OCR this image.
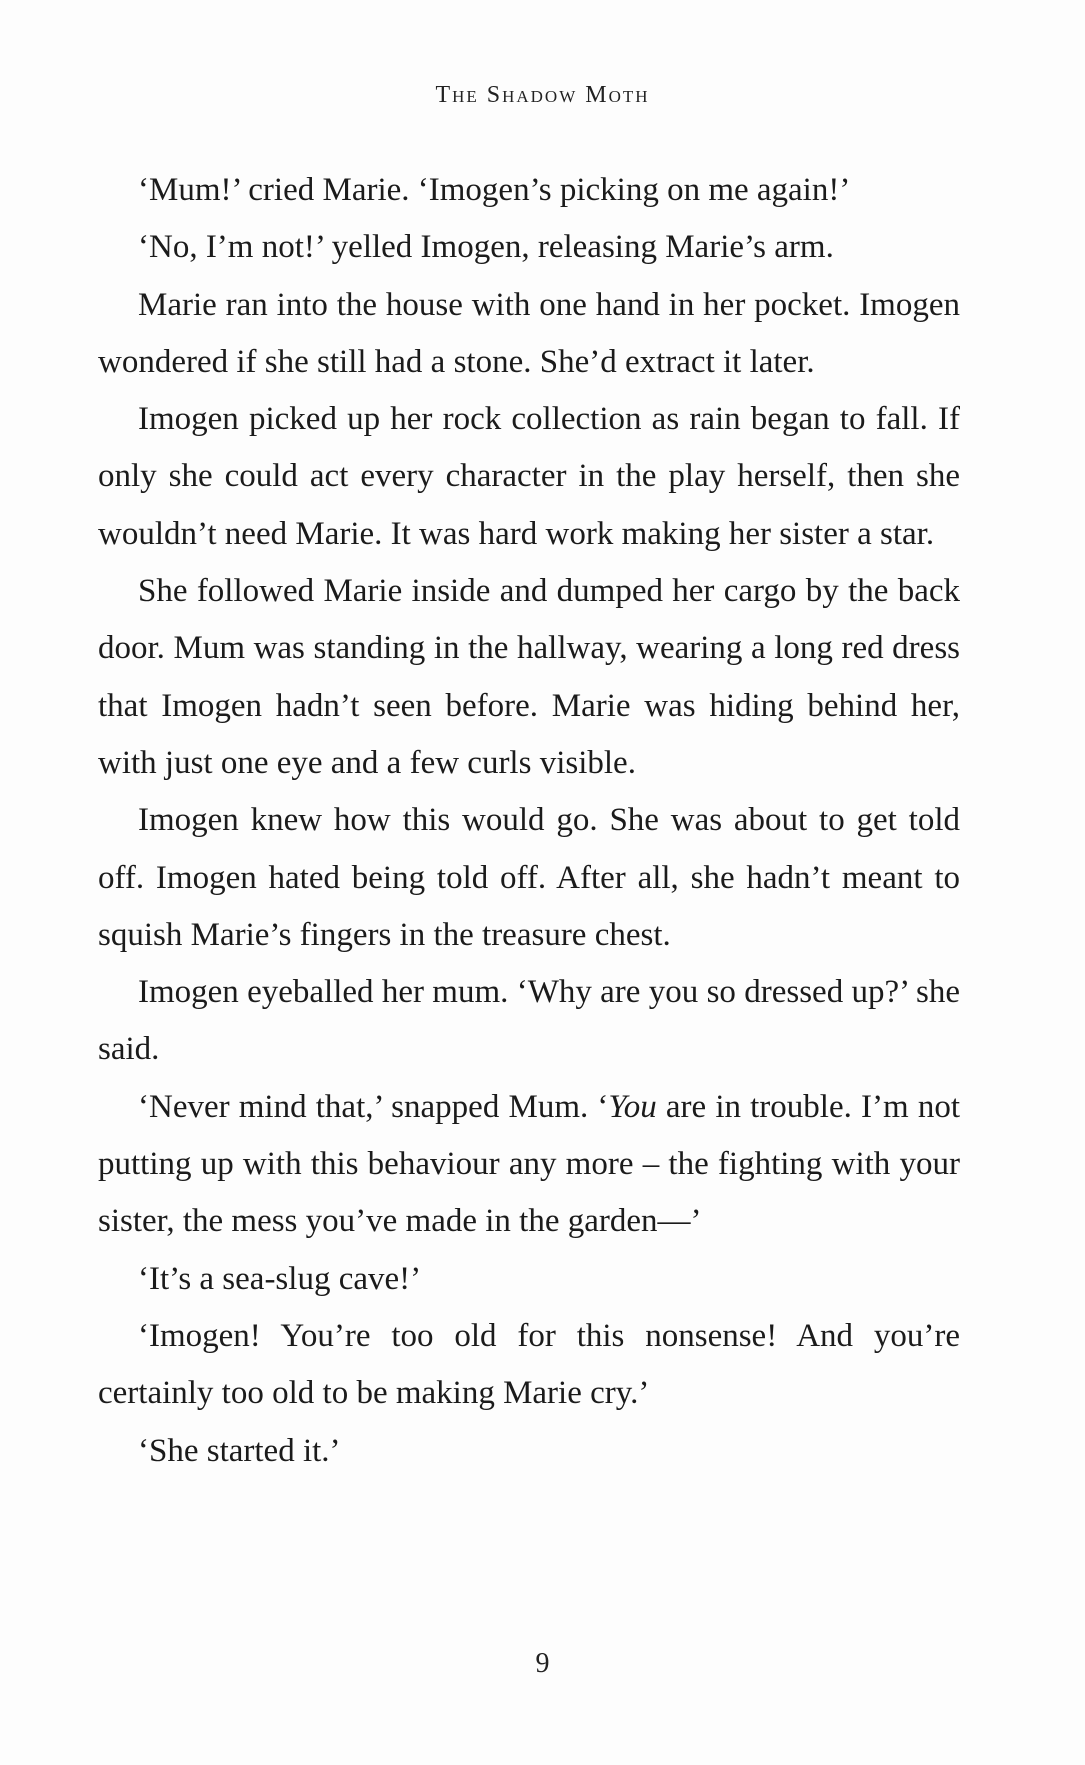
The Shadow Moth

‘Mum!’ cried Marie. ‘Imogen’s picking on me again!’

‘No, I’m not!’ yelled Imogen, releasing Marie’s arm.

Marie ran into the house with one hand in her pocket. Imogen wondered if she still had a stone. She’d extract it later.

Imogen picked up her rock collection as rain began to fall. If only she could act every character in the play herself, then she wouldn’t need Marie. It was hard work making her sister a star.

She followed Marie inside and dumped her cargo by the back door. Mum was standing in the hallway, wearing a long red dress that Imogen hadn’t seen before. Marie was hiding behind her, with just one eye and a few curls visible.

Imogen knew how this would go. She was about to get told off. Imogen hated being told off. After all, she hadn’t meant to squish Marie’s fingers in the treasure chest.

Imogen eyeballed her mum. ‘Why are you so dressed up?’ she said.

‘Never mind that,’ snapped Mum. ‘You are in trouble. I’m not putting up with this behaviour any more – the fighting with your sister, the mess you’ve made in the garden—’

‘It’s a sea-slug cave!’

‘Imogen! You’re too old for this nonsense! And you’re certainly too old to be making Marie cry.’

‘She started it.’

9
